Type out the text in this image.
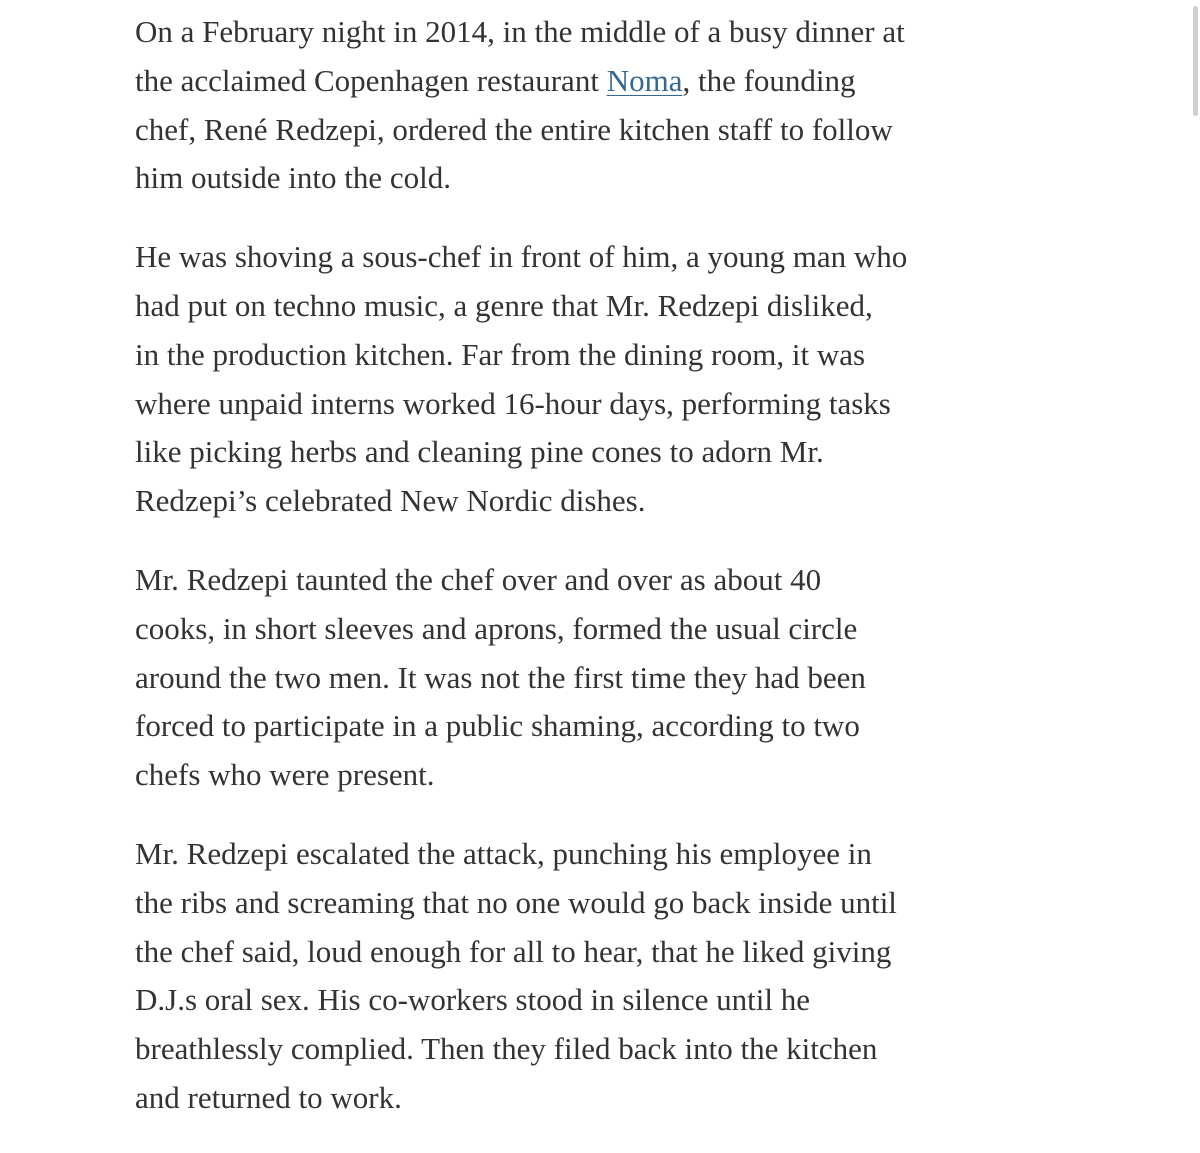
On a February night in 2014, in the middle of a busy dinner at
the acclaimed Copenhagen restaurant Noma, the founding
chef, René Redzepi, ordered the entire kitchen staff to follow
him outside into the cold.

He was shoving a sous-chef in front of him, a young man who
had put on techno music, a genre that Mr. Redzepi disliked,
in the production kitchen. Far from the dining room, it was
where unpaid interns worked 16-hour days, performing tasks
like picking herbs and cleaning pine cones to adorn Mr.
Redzepi’s celebrated New Nordic dishes.

Mr. Redzepi taunted the chef over and over as about 40
cooks, in short sleeves and aprons, formed the usual circle
around the two men. It was not the first time they had been
forced to participate in a public shaming, according to two
chefs who were present.

Mr. Redzepi escalated the attack, punching his employee in
the ribs and screaming that no one would go back inside until
the chef said, loud enough for all to hear, that he liked giving
D.J.s oral sex. His co-workers stood in silence until he
breathlessly complied. Then they filed back into the kitchen
and returned to work.
